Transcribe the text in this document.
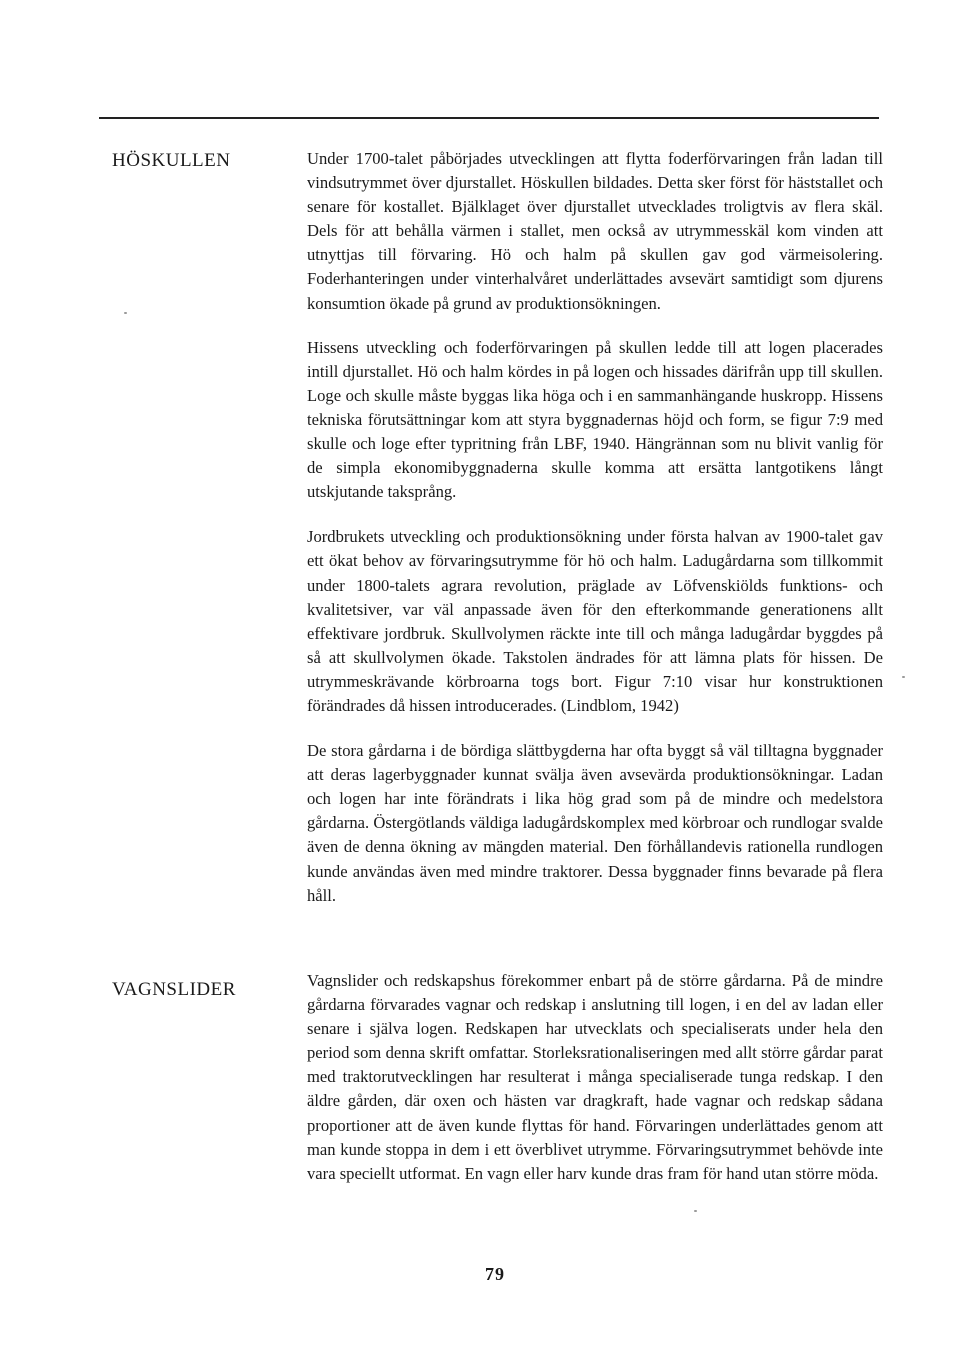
HÖSKULLEN	Under 1700-talet påbörjades utvecklingen att flytta foderförvaringen från ladan till vindsutrymmet över djurstallet. Höskullen bildades. Detta sker först för häststallet och senare för kostallet. Bjälklaget över djurstallet utvecklades troligtvis av flera skäl. Dels för att behålla värmen i stallet, men också av utrymmesskäl kom vinden att utnyttjas till förvaring. Hö och halm på skullen gav god värmeisolering. Foderhanteringen under vinterhalvåret underlättades avsevärt samtidigt som djurens konsumtion ökade på grund av produktionsökningen.

Hissens utveckling och foderförvaringen på skullen ledde till att logen placerades intill djurstallet. Hö och halm kördes in på logen och hissades därifrån upp till skullen. Loge och skulle måste byggas lika höga och i en sammanhängande huskropp. Hissens tekniska förutsättningar kom att styra byggnadernas höjd och form, se figur 7:9 med skulle och loge efter typritning från LBF, 1940. Hängrännan som nu blivit vanlig för de simpla ekonomibyggnaderna skulle komma att ersätta lantgotikens långt utskjutande taksprång.

Jordbrukets utveckling och produktionsökning under första halvan av 1900-talet gav ett ökat behov av förvaringsutrymme för hö och halm. Ladugårdarna som tillkommit under 1800-talets agrara revolution, präglade av Löfvenskiölds funktions- och kvalitetsiver, var väl anpassade även för den efterkommande generationens allt effektivare jordbruk. Skullvolymen räckte inte till och många ladugårdar byggdes på så att skullvolymen ökade. Takstolen ändrades för att lämna plats för hissen. De utrymmeskrävande körbroarna togs bort. Figur 7:10 visar hur konstruktionen förändrades då hissen introducerades. (Lindblom, 1942)

De stora gårdarna i de bördiga slättbygderna har ofta byggt så väl tilltagna byggnader att deras lagerbyggnader kunnat svälja även avsevärda produktionsökningar. Ladan och logen har inte förändrats i lika hög grad som på de mindre och medelstora gårdarna. Östergötlands väldiga ladugårdskomplex med körbroar och rundlogar svalde även de denna ökning av mängden material. Den förhållandevis rationella rundlogen kunde användas även med mindre traktorer. Dessa byggnader finns bevarade på flera håll.

VAGNSLIDER	Vagnslider och redskapshus förekommer enbart på de större gårdarna. På de mindre gårdarna förvarades vagnar och redskap i anslutning till logen, i en del av ladan eller senare i själva logen. Redskapen har utvecklats och specialiserats under hela den period som denna skrift omfattar. Storleksrationaliseringen med allt större gårdar parat med traktorutvecklingen har resulterat i många specialiserade tunga redskap. I den äldre gården, där oxen och hästen var dragkraft, hade vagnar och redskap sådana proportioner att de även kunde flyttas för hand. Förvaringen underlättades genom att man kunde stoppa in dem i ett överblivet utrymme. Förvaringsutrymmet behövde inte vara speciellt utformat. En vagn eller harv kunde dras fram för hand utan större möda.

79
